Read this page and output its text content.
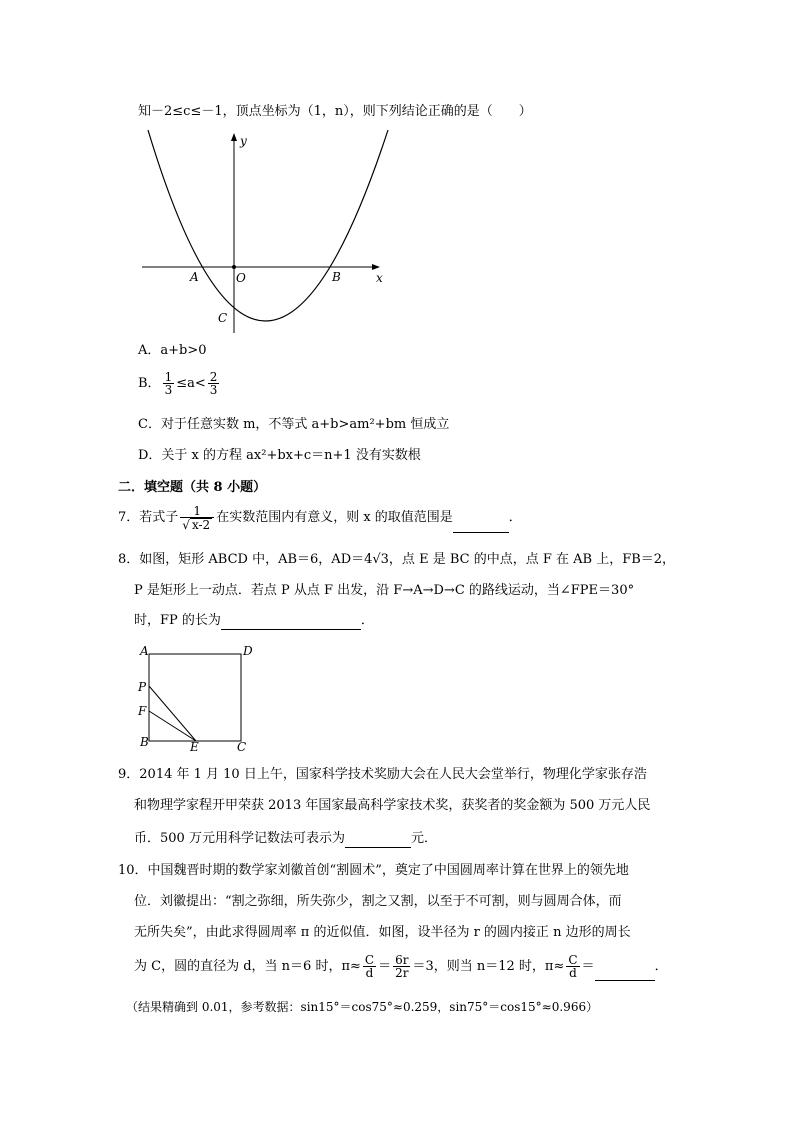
知－2≤c≤－1，顶点坐标为（1，n），则下列结论正确的是（　　）
y
x
O
A	B
C
A．a+b>0
B． $\frac{1}{3} \le a< \frac{2}{3}$
C．对于任意实数 m，不等式 a+b>am²+bm 恒成立
D．关于 x 的方程 ax²+bx+c＝n+1 没有实数根
二．填空题（共 8 小题）
7．若式子 $\frac{1}{√ x-2}$ 在实数范围内有意义，则 x 的取值范围是	．
8．如图，矩形 ABCD 中，AB＝6，AD＝4√3，点 E 是 BC 的中点，点 F 在 AB 上，FB＝2，
P 是矩形上一动点．若点 P 从点 F 出发，沿 F→A→D→C 的路线运动，当∠FPE＝30°
时，FP 的长为	．
A	D
P
F
B	E	C
9．2014 年 1 月 10 日上午，国家科学技术奖励大会在人民大会堂举行，物理化学家张存浩
和物理学家程开甲荣获 2013 年国家最高科学家技术奖，获奖者的奖金额为 500 万元人民
币．500 万元用科学记数法可表示为	元．
10．中国魏晋时期的数学家刘徽首创“割圆术”，奠定了中国圆周率计算在世界上的领先地
位．刘徽提出：“割之弥细，所失弥少，割之又割，以至于不可割，则与圆周合体，而
无所失矣”，由此求得圆周率 π 的近似值．如图，设半径为 r 的圆内接正 n 边形的周长
为 C，圆的直径为 d，当 n＝6 时，$\pi\approx \frac{C}{d} = \frac{6r}{2r} =3$，则当 n＝12 时，$\pi\approx \frac{C}{d}$ ＝	．
（结果精确到 0.01，参考数据：sin15°＝cos75°≈0.259，sin75°＝cos15°≈0.966）
